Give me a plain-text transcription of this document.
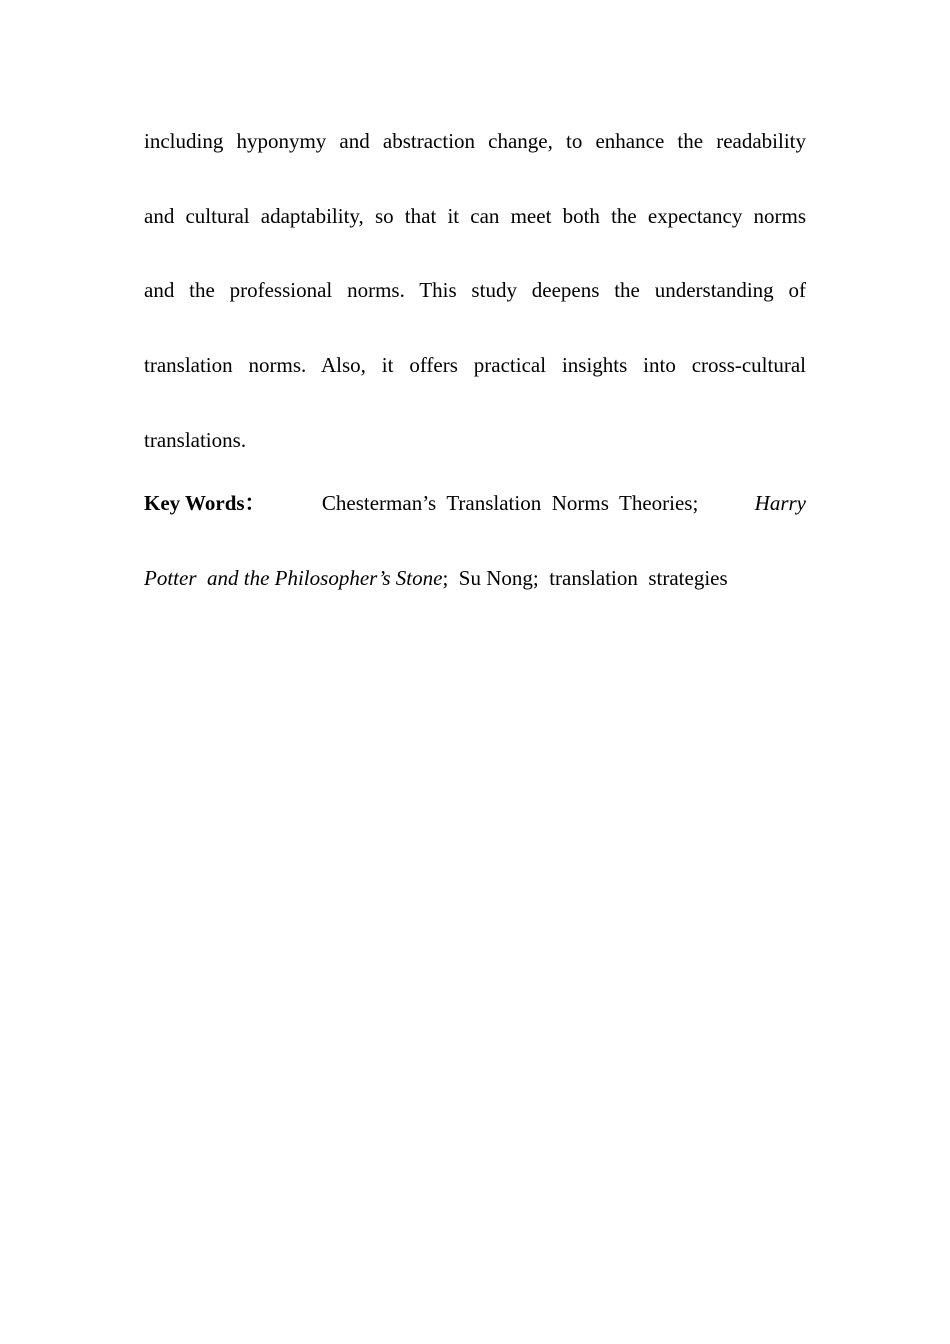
including hyponymy and abstraction change, to enhance the readability
and cultural adaptability, so that it can meet both the expectancy norms
and the professional norms. This study deepens the understanding of
translation norms. Also, it offers practical insights into cross-cultural
translations.
Key Words：	Chesterman’s  Translation  Norms  Theories;	Harry
Potter  and the Philosopher’s Stone;  Su Nong;  translation  strategies
